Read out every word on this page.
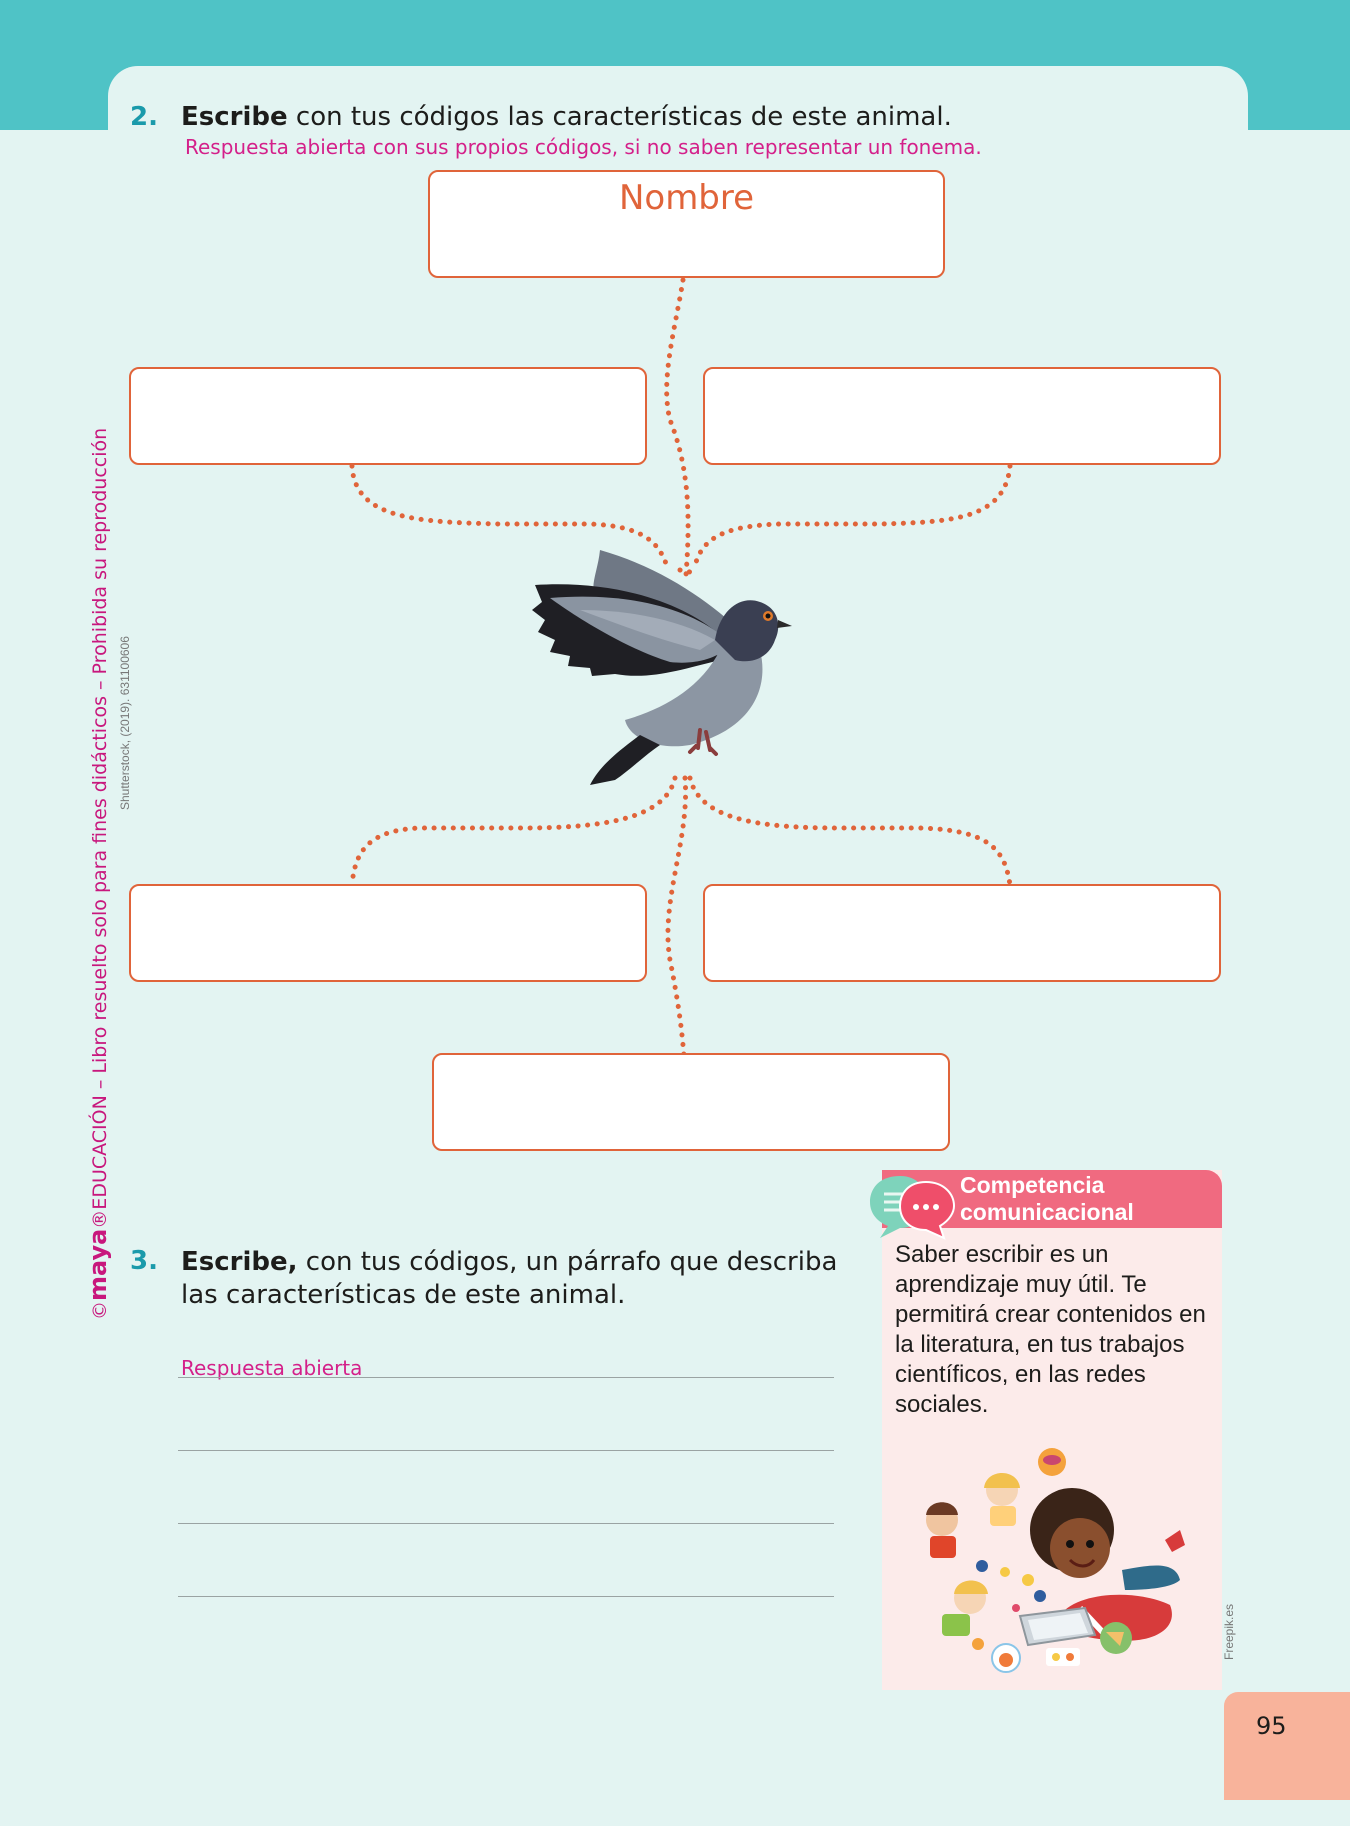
©maya®EDUCACIÓN – Libro resuelto solo para fines didácticos – Prohibida su reproducción Shutterstock, (2019). 631100606
2. Escribe con tus códigos las características de este animal.
Respuesta abierta con sus propios códigos, si no saben representar un fonema.
Nombre
3. Escribe, con tus códigos, un párrafo que describa
las características de este animal.
Respuesta abierta
Competencia
comunicacional
Saber escribir es un aprendizaje muy útil. Te permitirá crear contenidos en la literatura, en tus trabajos científicos, en las redes sociales.
Freepik.es
95
